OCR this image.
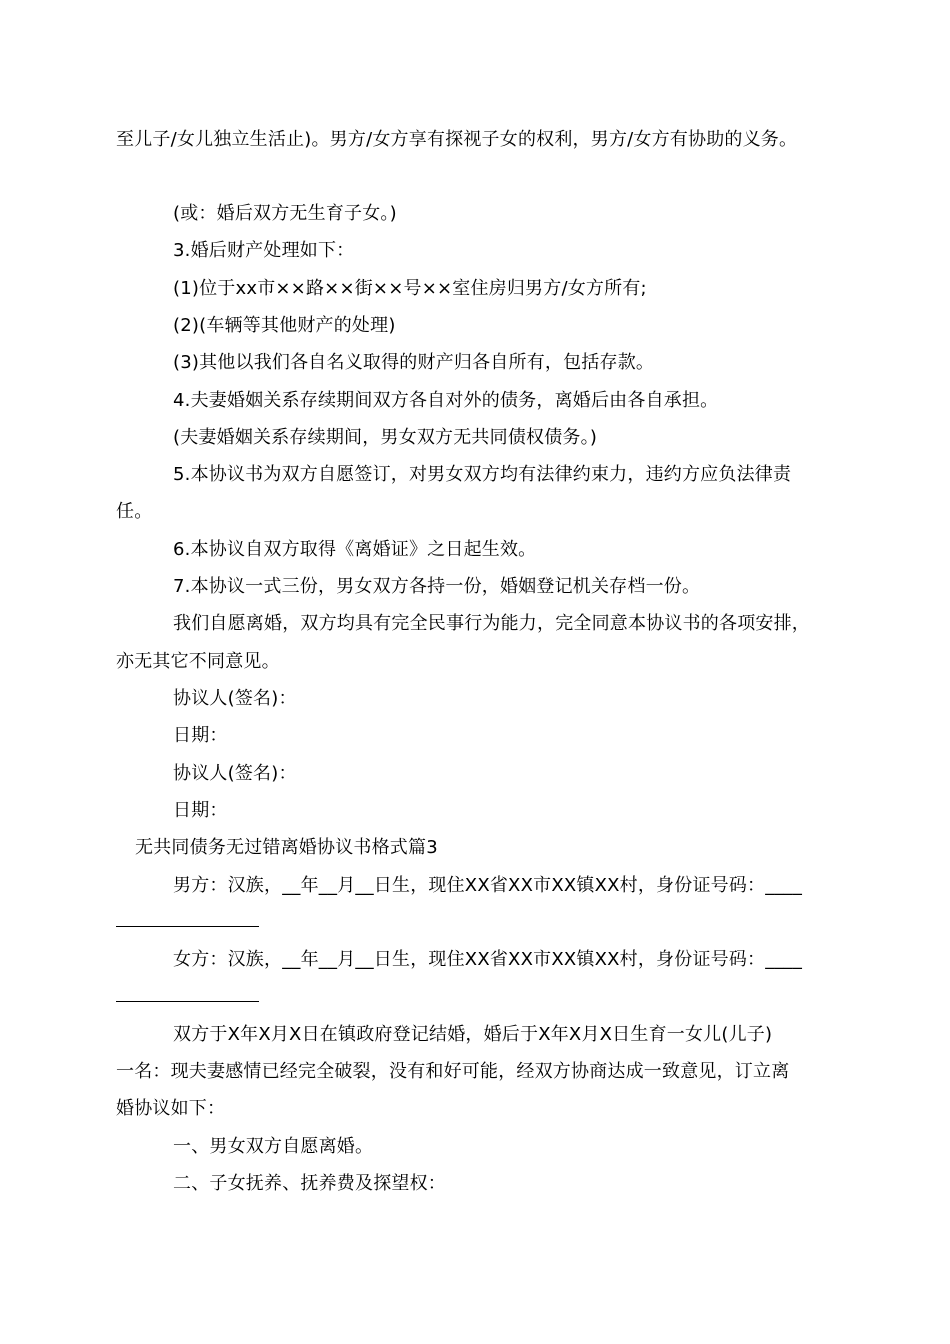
至儿子/女儿独立生活止)。男方/女方享有探视子女的权利，男方/女方有协助的义务。
(或：婚后双方无生育子女。)
3.婚后财产处理如下：
(1)位于xx市××路××街××号××室住房归男方/女方所有;
(2)(车辆等其他财产的处理)
(3)其他以我们各自名义取得的财产归各自所有，包括存款。
4.夫妻婚姻关系存续期间双方各自对外的债务，离婚后由各自承担。
(夫妻婚姻关系存续期间，男女双方无共同债权债务。)
5.本协议书为双方自愿签订，对男女双方均有法律约束力，违约方应负法律责
任。
6.本协议自双方取得《离婚证》之日起生效。
7.本协议一式三份，男女双方各持一份，婚姻登记机关存档一份。
我们自愿离婚，双方均具有完全民事行为能力，完全同意本协议书的各项安排，
亦无其它不同意见。
协议人(签名)：
日期：
协议人(签名)：
日期：
无共同债务无过错离婚协议书格式篇3
男方：汉族，__年__月__日生，现住XX省XX市XX镇XX村，身份证号码：____
女方：汉族，__年__月__日生，现住XX省XX市XX镇XX村，身份证号码：____
双方于X年X月X日在镇政府登记结婚，婚后于X年X月X日生育一女儿(儿子)
一名：现夫妻感情已经完全破裂，没有和好可能，经双方协商达成一致意见，订立离
婚协议如下：
一、男女双方自愿离婚。
二、子女抚养、抚养费及探望权：
